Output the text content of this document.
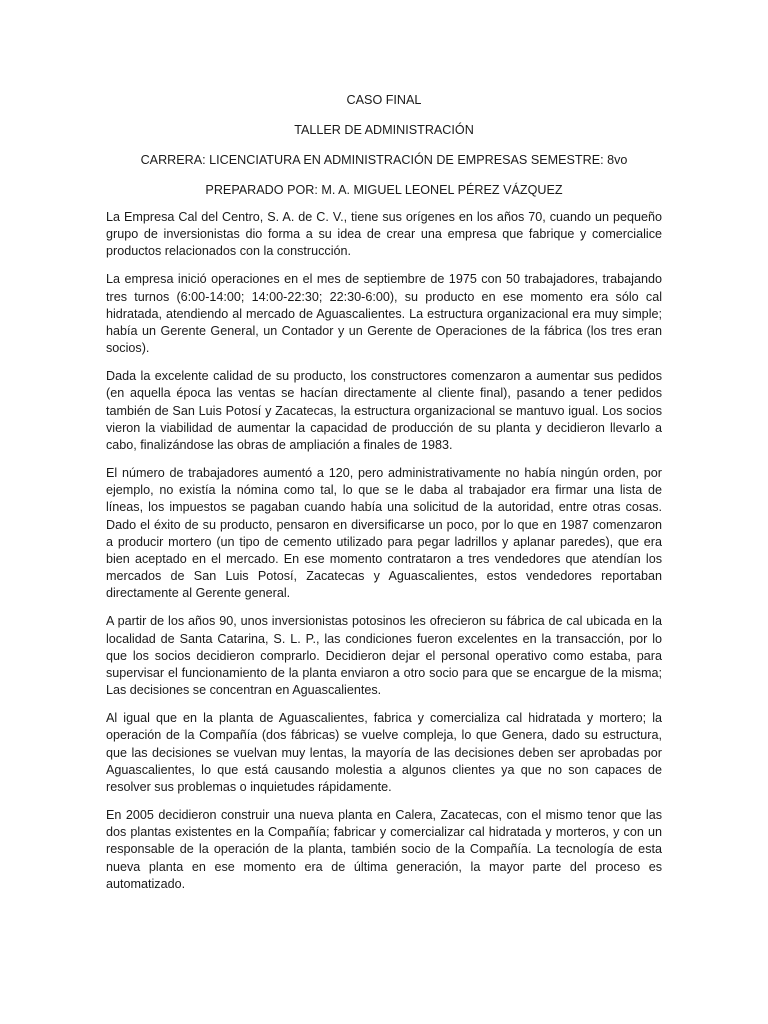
CASO FINAL
TALLER DE ADMINISTRACIÓN
CARRERA: LICENCIATURA EN ADMINISTRACIÓN DE EMPRESAS SEMESTRE: 8vo
PREPARADO POR: M. A. MIGUEL LEONEL PÉREZ VÁZQUEZ

La Empresa Cal del Centro, S. A. de C. V., tiene sus orígenes en los años 70, cuando un pequeño grupo de inversionistas dio forma a su idea de crear una empresa que fabrique y comercialice productos relacionados con la construcción.

La empresa inició operaciones en el mes de septiembre de 1975 con 50 trabajadores, trabajando tres turnos (6:00-14:00; 14:00-22:30; 22:30-6:00), su producto en ese momento era sólo cal hidratada, atendiendo al mercado de Aguascalientes. La estructura organizacional era muy simple; había un Gerente General, un Contador y un Gerente de Operaciones de la fábrica (los tres eran socios).

Dada la excelente calidad de su producto, los constructores comenzaron a aumentar sus pedidos (en aquella época las ventas se hacían directamente al cliente final), pasando a tener pedidos también de San Luis Potosí y Zacatecas, la estructura organizacional se mantuvo igual. Los socios vieron la viabilidad de aumentar la capacidad de producción de su planta y decidieron llevarlo a cabo, finalizándose las obras de ampliación a finales de 1983.

El número de trabajadores aumentó a 120, pero administrativamente no había ningún orden, por ejemplo, no existía la nómina como tal, lo que se le daba al trabajador era firmar una lista de líneas, los impuestos se pagaban cuando había una solicitud de la autoridad, entre otras cosas. Dado el éxito de su producto, pensaron en diversificarse un poco, por lo que en 1987 comenzaron a producir mortero (un tipo de cemento utilizado para pegar ladrillos y aplanar paredes), que era bien aceptado en el mercado. En ese momento contrataron a tres vendedores que atendían los mercados de San Luis Potosí, Zacatecas y Aguascalientes, estos vendedores reportaban directamente al Gerente general.

A partir de los años 90, unos inversionistas potosinos les ofrecieron su fábrica de cal ubicada en la localidad de Santa Catarina, S. L. P., las condiciones fueron excelentes en la transacción, por lo que los socios decidieron comprarlo. Decidieron dejar el personal operativo como estaba, para supervisar el funcionamiento de la planta enviaron a otro socio para que se encargue de la misma; Las decisiones se concentran en Aguascalientes.

Al igual que en la planta de Aguascalientes, fabrica y comercializa cal hidratada y mortero; la operación de la Compañía (dos fábricas) se vuelve compleja, lo que Genera, dado su estructura, que las decisiones se vuelvan muy lentas, la mayoría de las decisiones deben ser aprobadas por Aguascalientes, lo que está causando molestia a algunos clientes ya que no son capaces de resolver sus problemas o inquietudes rápidamente.

En 2005 decidieron construir una nueva planta en Calera, Zacatecas, con el mismo tenor que las dos plantas existentes en la Compañía; fabricar y comercializar cal hidratada y morteros, y con un responsable de la operación de la planta, también socio de la Compañía. La tecnología de esta nueva planta en ese momento era de última generación, la mayor parte del proceso es automatizado.
